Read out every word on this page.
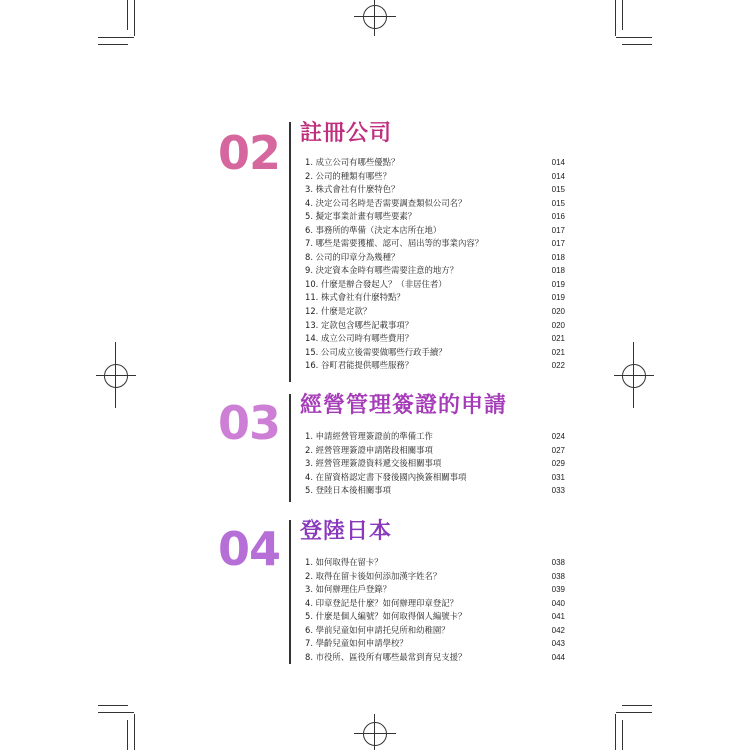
02 註冊公司
1. 成立公司有哪些優點？	014
2. 公司的種類有哪些？	014
3. 株式會社有什麼特色？	015
4. 決定公司名時是否需要調查類似公司名？	015
5. 擬定事業計畫有哪些要素？	016
6. 事務所的準備（決定本店所在地）	017
7. 哪些是需要獲權、認可、屆出等的事業內容？	017
8. 公司的印章分為幾種？	018
9. 決定資本金時有哪些需要注意的地方？	018
10. 什麼是辦合發起人？（非居住者）	019
11. 株式會社有什麼特點？	019
12. 什麼是定款？	020
13. 定款包含哪些記載事項？	020
14. 成立公司時有哪些費用？	021
15. 公司成立後需要做哪些行政手續？	021
16. 谷町君能提供哪些服務？	022
03 經營管理簽證的申請
1. 申請經營管理簽證前的準備工作	024
2. 經營管理簽證申請階段相關事項	027
3. 經營管理簽證資料遞交後相關事項	029
4. 在留資格認定書下發後國內換簽相關事項	031
5. 登陸日本後相關事項	033
04 登陸日本
1. 如何取得在留卡？	038
2. 取得在留卡後如何添加漢字姓名？	038
3. 如何辦理住戶登錄？	039
4. 印章登記是什麼？如何辦理印章登記？	040
5. 什麼是個人編號？如何取得個人編號卡？	041
6. 學前兒童如何申請托兒所和幼稚園？	042
7. 學齡兒童如何申請學校？	043
8. 市役所、區役所有哪些最常到育兒支援？	044
